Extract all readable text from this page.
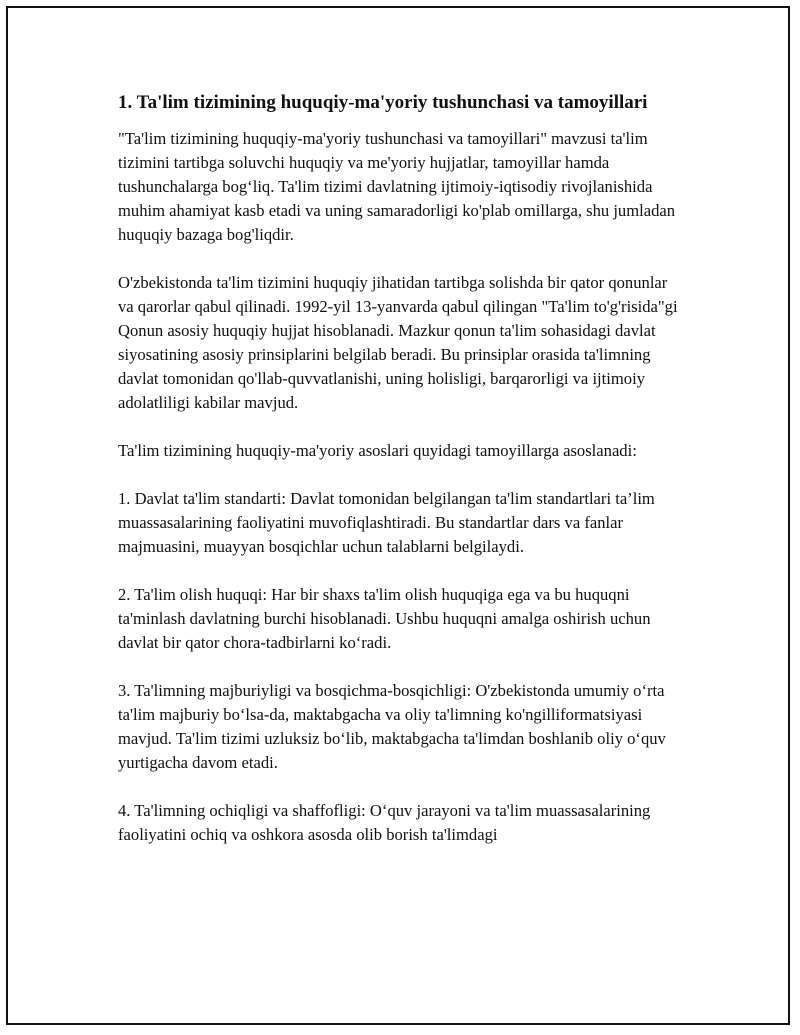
1. Ta'lim tizimining huquqiy-ma'yoriy tushunchasi va tamoyillari

"Ta'lim tizimining huquqiy-ma'yoriy tushunchasi va tamoyillari" mavzusi ta'lim tizimini tartibga soluvchi huquqiy va me'yoriy hujjatlar, tamoyillar hamda tushunchalarga bog‘liq. Ta'lim tizimi davlatning ijtimoiy-iqtisodiy rivojlanishida muhim ahamiyat kasb etadi va uning samaradorligi ko'plab omillarga, shu jumladan huquqiy bazaga bog'liqdir.

O'zbekistonda ta'lim tizimini huquqiy jihatidan tartibga solishda bir qator qonunlar va qarorlar qabul qilinadi. 1992-yil 13-yanvarda qabul qilingan "Ta'lim to'g'risida"gi Qonun asosiy huquqiy hujjat hisoblanadi. Mazkur qonun ta'lim sohasidagi davlat siyosatining asosiy prinsiplarini belgilab beradi. Bu prinsiplar orasida ta'limning davlat tomonidan qo'llab-quvvatlanishi, uning holisligi, barqarorligi va ijtimoiy adolatliligi kabilar mavjud.

Ta'lim tizimining huquqiy-ma'yoriy asoslari quyidagi tamoyillarga asoslanadi:

1. Davlat ta'lim standarti: Davlat tomonidan belgilangan ta'lim standartlari ta’lim muassasalarining faoliyatini muvofiqlashtiradi. Bu standartlar dars va fanlar majmuasini, muayyan bosqichlar uchun talablarni belgilaydi.

2. Ta'lim olish huquqi: Har bir shaxs ta'lim olish huquqiga ega va bu huquqni ta'minlash davlatning burchi hisoblanadi. Ushbu huquqni amalga oshirish uchun davlat bir qator chora-tadbirlarni ko‘radi.

3. Ta'limning majburiyligi va bosqichma-bosqichligi: O'zbekistonda umumiy o‘rta ta'lim majburiy bo‘lsa-da, maktabgacha va oliy ta'limning ko'ngilliformatsiyasi mavjud. Ta'lim tizimi uzluksiz bo‘lib, maktabgacha ta'limdan boshlanib oliy o‘quv yurtigacha davom etadi.

4. Ta'limning ochiqligi va shaffofligi: O‘quv jarayoni va ta'lim muassasalarining faoliyatini ochiq va oshkora asosda olib borish ta'limdagi
